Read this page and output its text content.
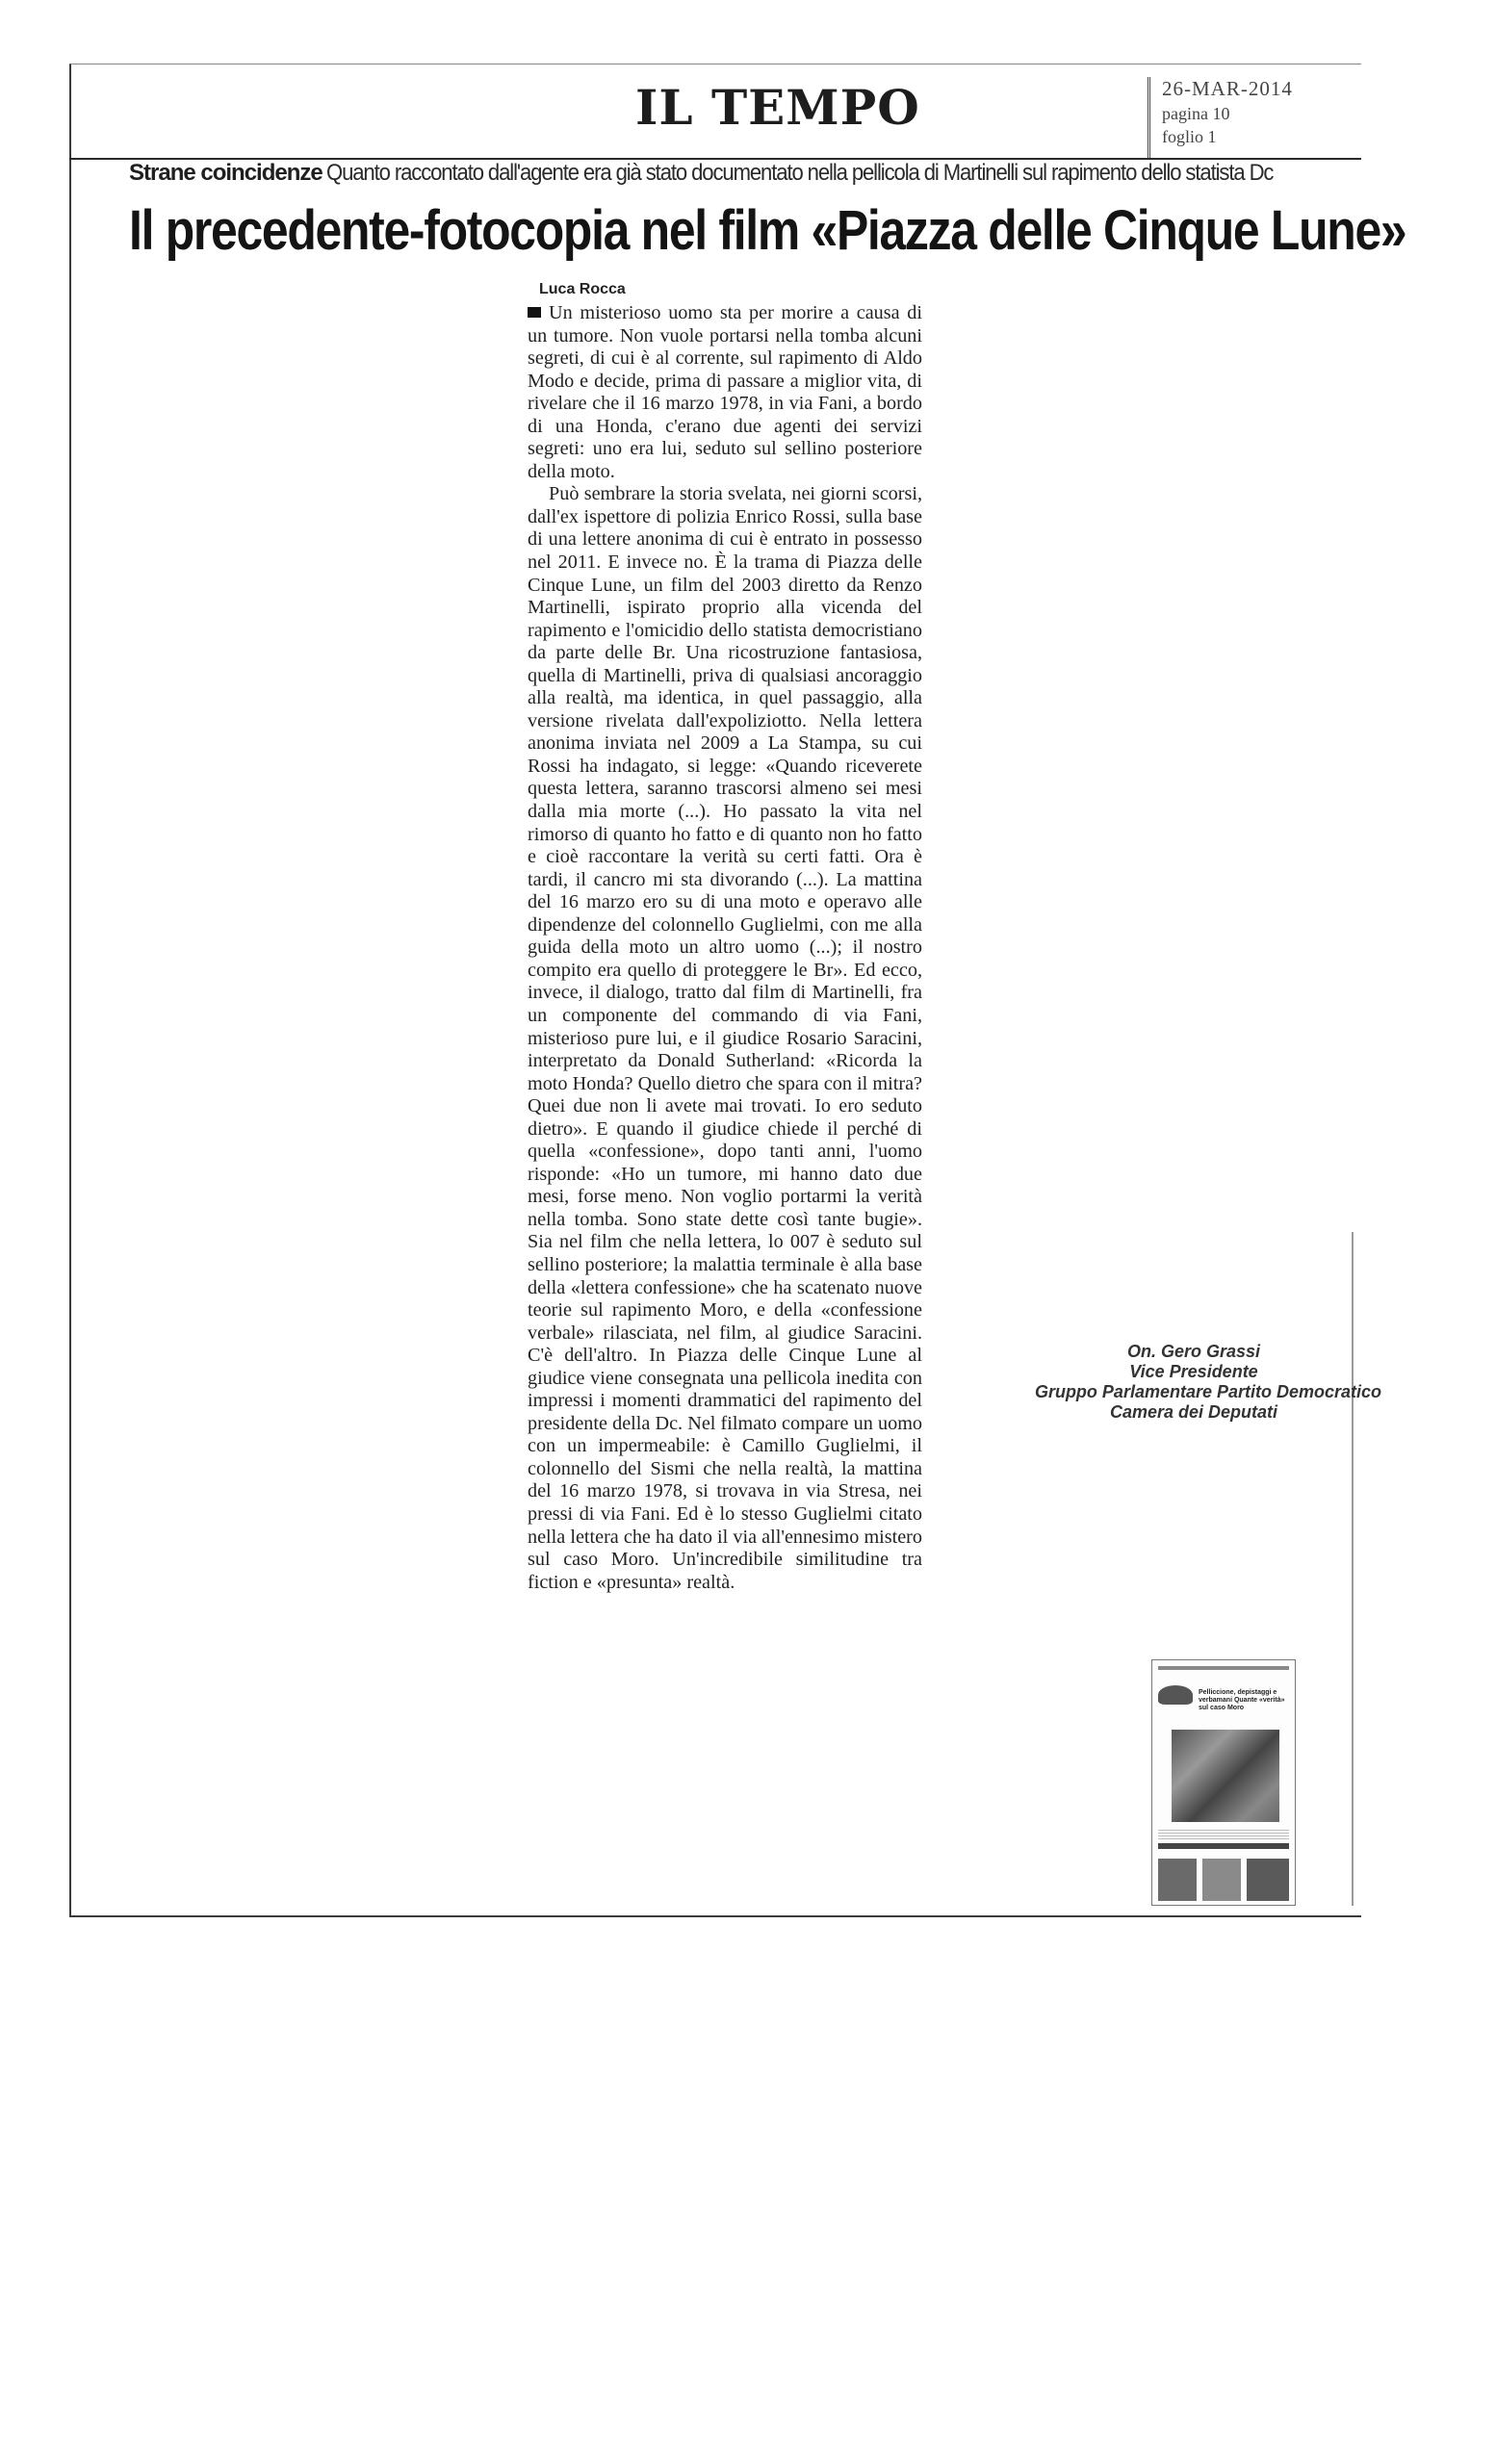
IL TEMPO	26-MAR-2014
pagina 10
foglio 1
Strane coincidenze Quanto raccontato dall'agente era già stato documentato nella pellicola di Martinelli sul rapimento dello statista Dc
Il precedente-fotocopia nel film «Piazza delle Cinque Lune»
Luca Rocca

Un misterioso uomo sta per morire a causa di un tumore. Non vuole portarsi nella tomba alcuni segreti, di cui è al corrente, sul rapimento di Aldo Modo e decide, prima di passare a miglior vita, di rivelare che il 16 marzo 1978, in via Fani, a bordo di una Honda, c'erano due agenti dei servizi segreti: uno era lui, seduto sul sellino posteriore della moto.

Può sembrare la storia svelata, nei giorni scorsi, dall'ex ispettore di polizia Enrico Rossi, sulla base di una lettere anonima di cui è entrato in possesso nel 2011. E invece no. È la trama di Piazza delle Cinque Lune, un film del 2003 diretto da Renzo Martinelli, ispirato proprio alla vicenda del rapimento e l'omicidio dello statista democristiano da parte delle Br. Una ricostruzione fantasiosa, quella di Martinelli, priva di qualsiasi ancoraggio alla realtà, ma identica, in quel passaggio, alla versione rivelata dall'expoliziotto. Nella lettera anonima inviata nel 2009 a La Stampa, su cui Rossi ha indagato, si legge: «Quando riceverete questa lettera, saranno trascorsi almeno sei mesi dalla mia morte (...). Ho passato la vita nel rimorso di quanto ho fatto e di quanto non ho fatto e cioè raccontare la verità su certi fatti. Ora è tardi, il cancro mi sta divorando (...). La mattina del 16 marzo ero su di una moto e operavo alle dipendenze del colonnello Guglielmi, con me alla guida della moto un altro uomo (...); il nostro compito era quello di proteggere le Br». Ed ecco, invece, il dialogo, tratto dal film di Martinelli, fra un componente del commando di via Fani, misterioso pure lui, e il giudice Rosario Saracini, interpretato da Donald Sutherland: «Ricorda la moto Honda? Quello dietro che spara con il mitra? Quei due non li avete mai trovati. Io ero seduto dietro». E quando il giudice chiede il perché di quella «confessione», dopo tanti anni, l'uomo risponde: «Ho un tumore, mi hanno dato due mesi, forse meno. Non voglio portarmi la verità nella tomba. Sono state dette così tante bugie». Sia nel film che nella lettera, lo 007 è seduto sul sellino posteriore; la malattia terminale è alla base della «lettera confessione» che ha scatenato nuove teorie sul rapimento Moro, e della «confessione verbale» rilasciata, nel film, al giudice Saracini. C'è dell'altro. In Piazza delle Cinque Lune al giudice viene consegnata una pellicola inedita con impressi i momenti drammatici del rapimento del presidente della Dc. Nel filmato compare un uomo con un impermeabile: è Camillo Guglielmi, il colonnello del Sismi che nella realtà, la mattina del 16 marzo 1978, si trovava in via Stresa, nei pressi di via Fani. Ed è lo stesso Guglielmi citato nella lettera che ha dato il via all'ennesimo mistero sul caso Moro. Un'incredibile similitudine tra fiction e «presunta» realtà.

On. Gero Grassi
Vice Presidente
Gruppo Parlamentare Partito Democratico
Camera dei Deputati
Pelliccione, depistaggi e verbamani Quante «verità» sul caso Moro
